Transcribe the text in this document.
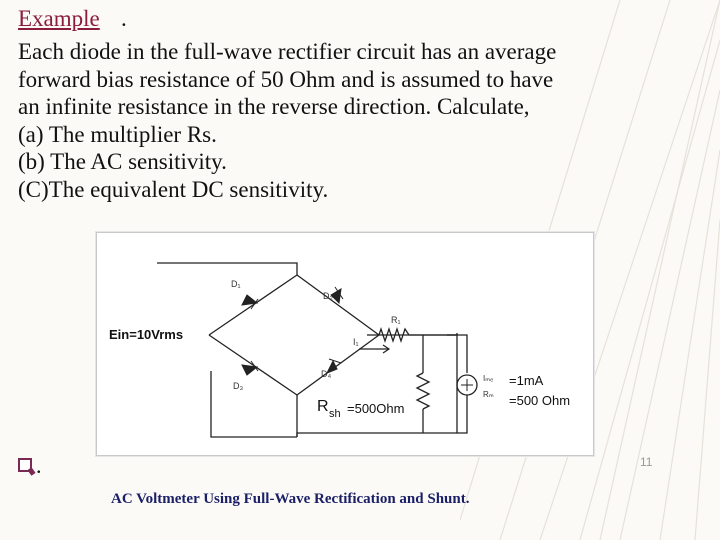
Example .
Each diode in the full-wave rectifier circuit has an average
forward bias resistance of 50 Ohm and is assumed to have
an infinite resistance in the reverse direction. Calculate,
(a) The multiplier Rs.
(b) The AC sensitivity.
(C)The equivalent DC sensitivity.
Ein=10Vrms
D₁
D₂
D₃
D₄
R₁
I₁
Iₘₑ
Rₘ
=1mA
=500 Ohm
R sh =500Ohm
.	11
AC Voltmeter Using Full-Wave Rectification and Shunt.
